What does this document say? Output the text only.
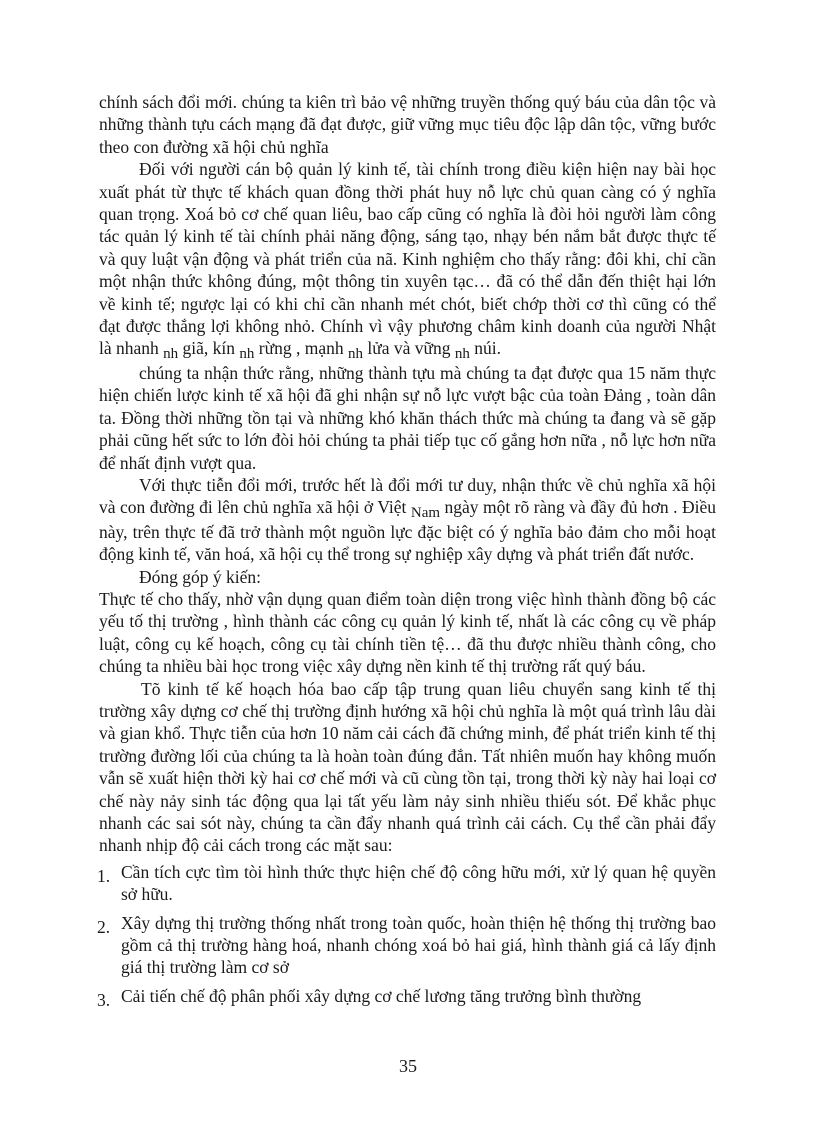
chính sách đổi mới. chúng ta kiên trì bảo vệ những truyền thống quý báu của dân tộc và những thành tựu cách mạng đã đạt được, giữ vững mục tiêu độc lập dân tộc, vững bước theo con đường xã hội chủ nghĩa

Đối với người cán bộ quản lý kinh tế, tài chính trong điều kiện hiện nay bài học xuất phát từ thực tế khách quan đồng thời phát huy nỗ lực chủ quan càng có ý nghĩa quan trọng. Xoá bỏ cơ chế quan liêu, bao cấp cũng có nghĩa là đòi hỏi người làm công tác quản lý kinh tế tài chính phải năng động, sáng tạo, nhạy bén nắm bắt được thực tế và quy luật vận động và phát triển của nã. Kinh nghiệm cho thấy rằng: đôi khi, chỉ cần một nhận thức không đúng, một thông tin xuyên tạc… đã có thể dẫn đến thiệt hại lớn về kinh tế; ngược lại có khi chỉ cần nhanh mét chót, biết chớp thời cơ thì cũng có thể đạt được thắng lợi không nhỏ. Chính vì vậy phương châm kinh doanh của người Nhật là nhanh nh giã, kín nh rừng , mạnh nh lửa và vững nh núi.

chúng ta nhận thức rằng, những thành tựu mà chúng ta đạt được qua 15 năm thực hiện chiến lược kinh tế xã hội đã ghi nhận sự nỗ lực vượt bậc của toàn Đảng , toàn dân ta. Đồng thời những tồn tại và những khó khăn thách thức mà chúng ta đang và sẽ gặp phải cũng hết sức to lớn đòi hỏi chúng ta phải tiếp tục cố gắng hơn nữa , nỗ lực hơn nữa để nhất định vượt qua.

Với thực tiễn đổi mới, trước hết là đổi mới tư duy, nhận thức về chủ nghĩa xã hội và con đường đi lên chủ nghĩa xã hội ở Việt Nam ngày một rõ ràng và đầy đủ hơn . Điều này, trên thực tế đã trở thành một nguồn lực đặc biệt có ý nghĩa bảo đảm cho mỗi hoạt động kinh tế, văn hoá, xã hội cụ thể trong sự nghiệp xây dựng và phát triển đất nước.

Đóng góp ý kiến:

Thực tế cho thấy, nhờ vận dụng quan điểm toàn diện trong việc hình thành đồng bộ các yếu tố thị trường , hình thành các công cụ quản lý kinh tế, nhất là các công cụ về pháp luật, công cụ kế hoạch, công cụ tài chính tiền tệ… đã thu được nhiều thành công, cho chúng ta nhiều bài học trong việc xây dựng nền kinh tế thị trường rất quý báu.

Tõ kinh tế kế hoạch hóa bao cấp tập trung quan liêu chuyển sang kinh tế thị trường xây dựng cơ chế thị trường định hướng xã hội chủ nghĩa là một quá trình lâu dài và gian khổ. Thực tiễn của hơn 10 năm cải cách đã chứng minh, để phát triển kinh tế thị trường đường lối của chúng ta là hoàn toàn đúng đắn. Tất nhiên muốn hay không muốn vẫn sẽ xuất hiện thời kỳ hai cơ chế mới và cũ cùng tồn tại, trong thời kỳ này hai loại cơ chế này nảy sinh tác động qua lại tất yếu làm nảy sinh nhiều thiếu sót. Để khắc phục nhanh các sai sót này, chúng ta cần đẩy nhanh quá trình cải cách. Cụ thể cần phải đẩy nhanh nhịp độ cải cách trong các mặt sau:

1. Cần tích cực tìm tòi hình thức thực hiện chế độ công hữu mới, xử lý quan hệ quyền sở hữu.
2. Xây dựng thị trường thống nhất trong toàn quốc, hoàn thiện hệ thống thị trường bao gồm cả thị trường hàng hoá, nhanh chóng xoá bỏ hai giá, hình thành giá cả lấy định giá thị trường làm cơ sở
3. Cải tiến chế độ phân phối xây dựng cơ chế lương tăng trưởng bình thường
35
